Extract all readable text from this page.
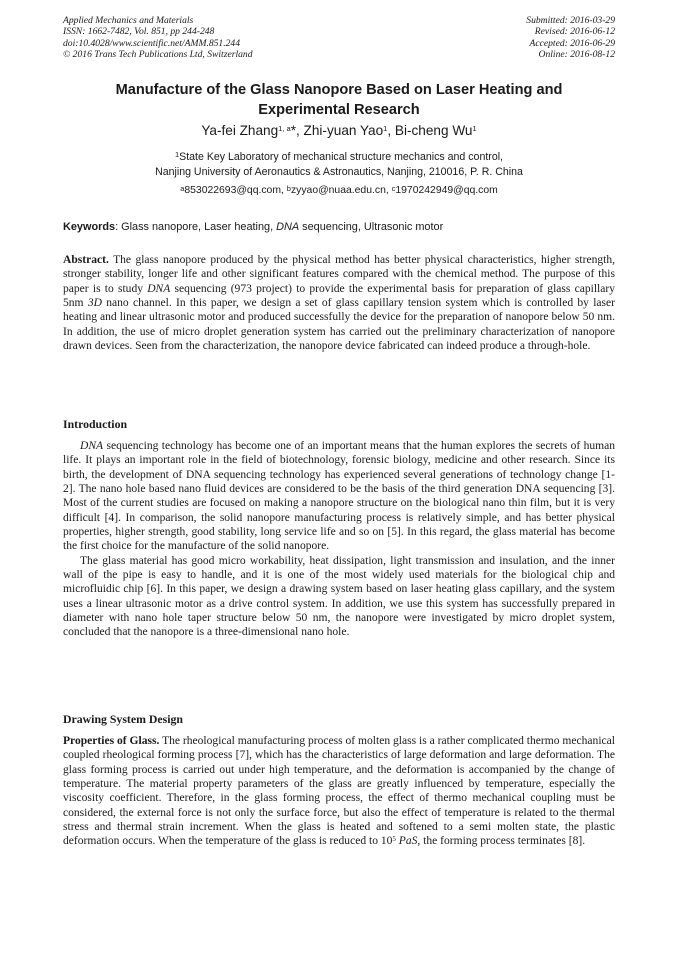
Applied Mechanics and Materials
ISSN: 1662-7482, Vol. 851, pp 244-248
doi:10.4028/www.scientific.net/AMM.851.244
© 2016 Trans Tech Publications Ltd, Switzerland
Submitted: 2016-03-29
Revised: 2016-06-12
Accepted: 2016-06-29
Online: 2016-08-12
Manufacture of the Glass Nanopore Based on Laser Heating and
Experimental Research
Ya-fei Zhang$^{1, a}$*, Zhi-yuan Yao$^1$, Bi-cheng Wu$^1$
$^1$State Key Laboratory of mechanical structure mechanics and control,
Nanjing University of Aeronautics & Astronautics, Nanjing, 210016, P. R. China
$^a$853022693@qq.com, $^b$zyyao@nuaa.edu.cn, $^c$1970242949@qq.com
Keywords: Glass nanopore, Laser heating, DNA sequencing, Ultrasonic motor

Abstract. The glass nanopore produced by the physical method has better physical characteristics, higher strength, stronger stability, longer life and other significant features compared with the chemical method. The purpose of this paper is to study DNA sequencing (973 project) to provide the experimental basis for preparation of glass capillary 5nm 3D nano channel. In this paper, we design a set of glass capillary tension system which is controlled by laser heating and linear ultrasonic motor and produced successfully the device for the preparation of nanopore below 50 nm. In addition, the use of micro droplet generation system has carried out the preliminary characterization of nanopore drawn devices. Seen from the characterization, the nanopore device fabricated can indeed produce a through-hole.

Introduction

DNA sequencing technology has become one of an important means that the human explores the secrets of human life. It plays an important role in the field of biotechnology, forensic biology, medicine and other research. Since its birth, the development of DNA sequencing technology has experienced several generations of technology change [1-2]. The nano hole based nano fluid devices are considered to be the basis of the third generation DNA sequencing [3]. Most of the current studies are focused on making a nanopore structure on the biological nano thin film, but it is very difficult [4]. In comparison, the solid nanopore manufacturing process is relatively simple, and has better physical properties, higher strength, good stability, long service life and so on [5]. In this regard, the glass material has become the first choice for the manufacture of the solid nanopore.

The glass material has good micro workability, heat dissipation, light transmission and insulation, and the inner wall of the pipe is easy to handle, and it is one of the most widely used materials for the biological chip and microfluidic chip [6]. In this paper, we design a drawing system based on laser heating glass capillary, and the system uses a linear ultrasonic motor as a drive control system. In addition, we use this system has successfully prepared in diameter with nano hole taper structure below 50 nm, the nanopore were investigated by micro droplet system, concluded that the nanopore is a three-dimensional nano hole.

Drawing System Design

Properties of Glass. The rheological manufacturing process of molten glass is a rather complicated thermo mechanical coupled rheological forming process [7], which has the characteristics of large deformation and large deformation. The glass forming process is carried out under high temperature, and the deformation is accompanied by the change of temperature. The material property parameters of the glass are greatly influenced by temperature, especially the viscosity coefficient. Therefore, in the glass forming process, the effect of thermo mechanical coupling must be considered, the external force is not only the surface force, but also the effect of temperature is related to the thermal stress and thermal strain increment. When the glass is heated and softened to a semi molten state, the plastic deformation occurs. When the temperature of the glass is reduced to $10^5$ PaS, the forming process terminates [8].
